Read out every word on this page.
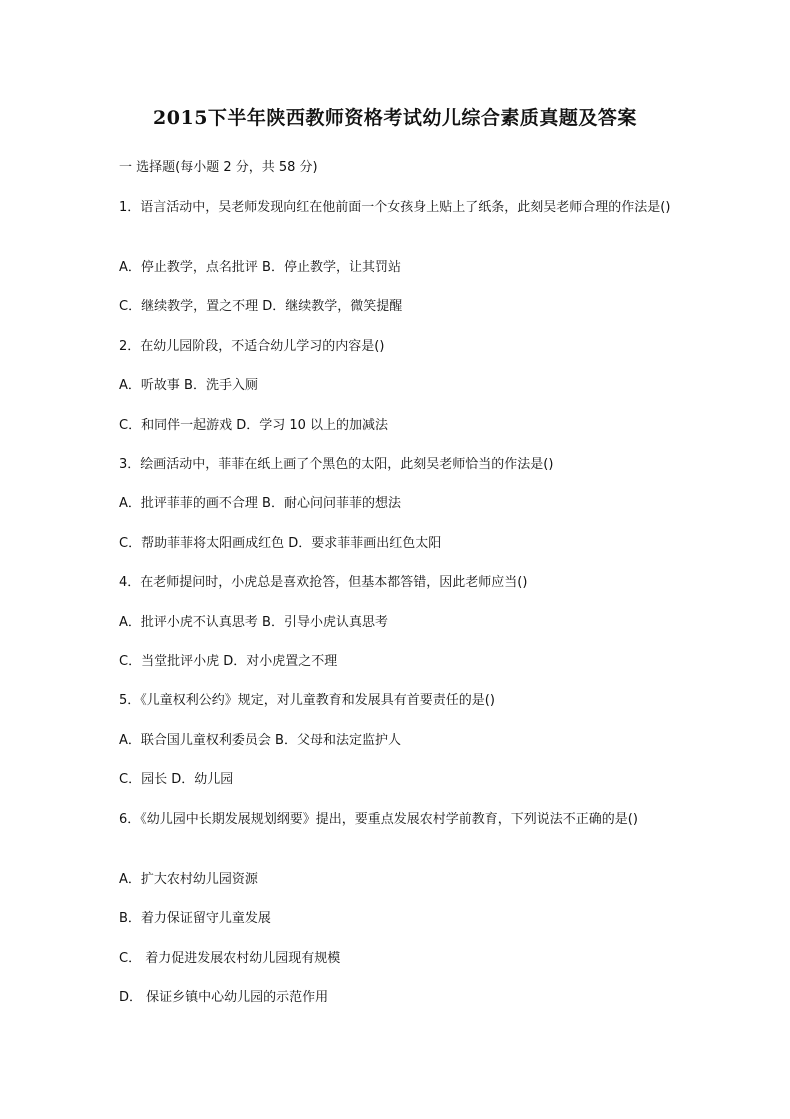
2015下半年陕西教师资格考试幼儿综合素质真题及答案
一 选择题(每小题 2 分，共 58 分)
1．语言活动中，吴老师发现向红在他前面一个女孩身上贴上了纸条，此刻吴老师合理的作法是()
A．停止教学，点名批评 B．停止教学，让其罚站
C．继续教学，置之不理 D．继续教学，微笑提醒
2．在幼儿园阶段，不适合幼儿学习的内容是()
A．听故事 B．洗手入厕
C．和同伴一起游戏 D．学习 10 以上的加减法
3．绘画活动中，菲菲在纸上画了个黑色的太阳，此刻吴老师恰当的作法是()
A．批评菲菲的画不合理 B．耐心问问菲菲的想法
C．帮助菲菲将太阳画成红色 D．要求菲菲画出红色太阳
4．在老师提问时，小虎总是喜欢抢答，但基本都答错，因此老师应当()
A．批评小虎不认真思考 B．引导小虎认真思考
C．当堂批评小虎 D．对小虎置之不理
5．《儿童权利公约》规定，对儿童教育和发展具有首要责任的是()
A．联合国儿童权利委员会 B．父母和法定监护人
C．园长 D．幼儿园
6．《幼儿园中长期发展规划纲要》提出，要重点发展农村学前教育，下列说法不正确的是()
A．扩大农村幼儿园资源
B．着力保证留守儿童发展
C． 着力促进发展农村幼儿园现有规模
D． 保证乡镇中心幼儿园的示范作用
